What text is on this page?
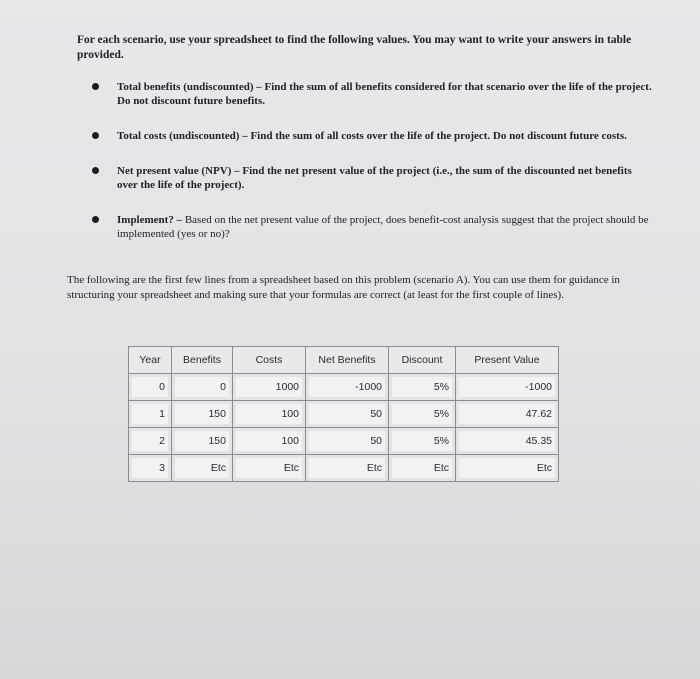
For each scenario, use your spreadsheet to find the following values. You may want to write your answers in table provided.
Total benefits (undiscounted) – Find the sum of all benefits considered for that scenario over the life of the project. Do not discount future benefits.
Total costs (undiscounted) – Find the sum of all costs over the life of the project. Do not discount future costs.
Net present value (NPV) – Find the net present value of the project (i.e., the sum of the discounted net benefits over the life of the project).
Implement? – Based on the net present value of the project, does benefit-cost analysis suggest that the project should be implemented (yes or no)?
The following are the first few lines from a spreadsheet based on this problem (scenario A). You can use them for guidance in structuring your spreadsheet and making sure that your formulas are correct (at least for the first couple of lines).
Year	Benefits	Costs	Net Benefits	Discount	Present Value
0	0	1000	-1000	5%	-1000
1	150	100	50	5%	47.62
2	150	100	50	5%	45.35
3	Etc	Etc	Etc	Etc	Etc
